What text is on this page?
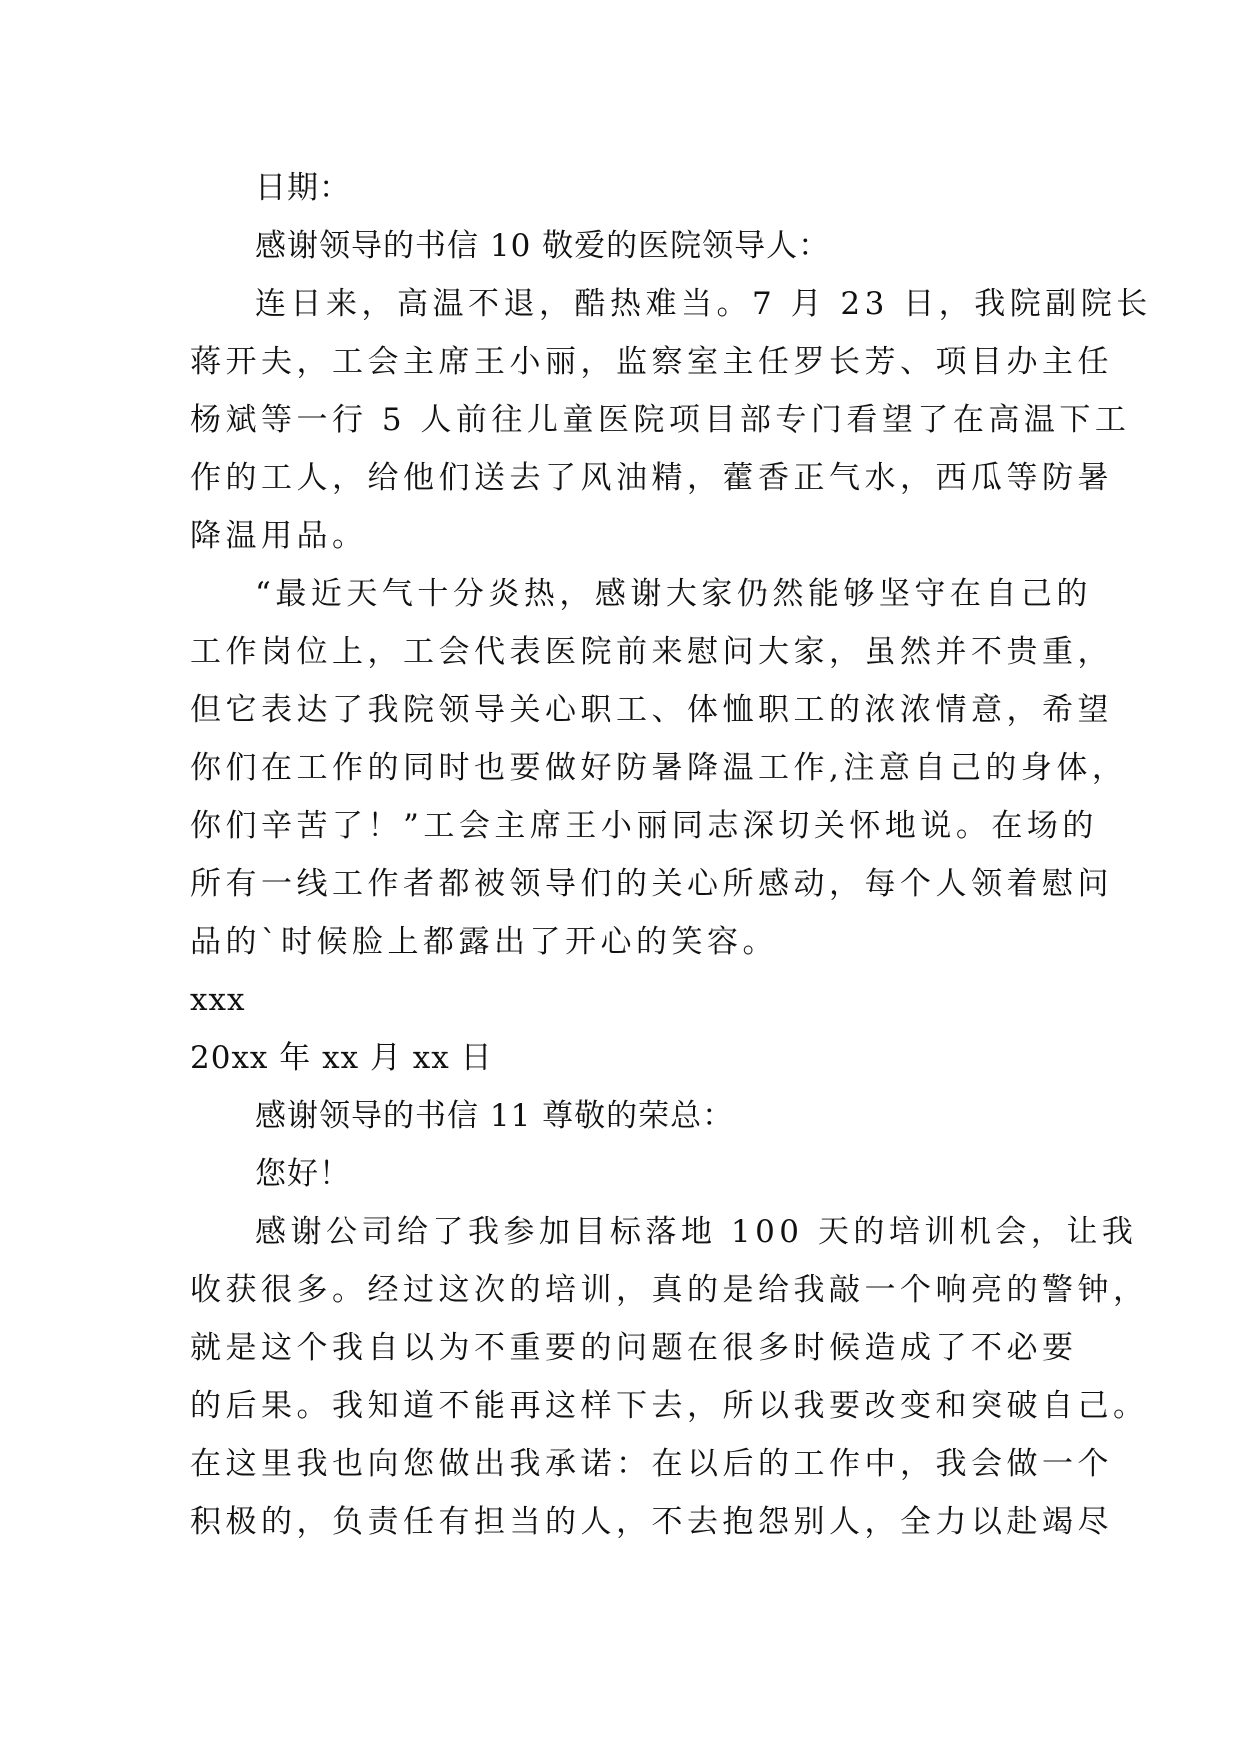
日期：
感谢领导的书信 10 敬爱的医院领导人：
连日来，高温不退，酷热难当。7 月 23 日，我院副院长
蒋开夫，工会主席王小丽，监察室主任罗长芳、项目办主任
杨斌等一行 5 人前往儿童医院项目部专门看望了在高温下工
作的工人，给他们送去了风油精，藿香正气水，西瓜等防暑
降温用品。
“最近天气十分炎热，感谢大家仍然能够坚守在自己的
工作岗位上，工会代表医院前来慰问大家，虽然并不贵重，
但它表达了我院领导关心职工、体恤职工的浓浓情意，希望
你们在工作的同时也要做好防暑降温工作,注意自己的身体，
你们辛苦了！”工会主席王小丽同志深切关怀地说。在场的
所有一线工作者都被领导们的关心所感动，每个人领着慰问
品的`时候脸上都露出了开心的笑容。
xxx
20xx 年 xx 月 xx 日
感谢领导的书信 11 尊敬的荣总：
您好！
感谢公司给了我参加目标落地 100 天的培训机会，让我
收获很多。经过这次的培训，真的是给我敲一个响亮的警钟，
就是这个我自以为不重要的问题在很多时候造成了不必要
的后果。我知道不能再这样下去，所以我要改变和突破自己。
在这里我也向您做出我承诺：在以后的工作中，我会做一个
积极的，负责任有担当的人，不去抱怨别人，全力以赴竭尽
